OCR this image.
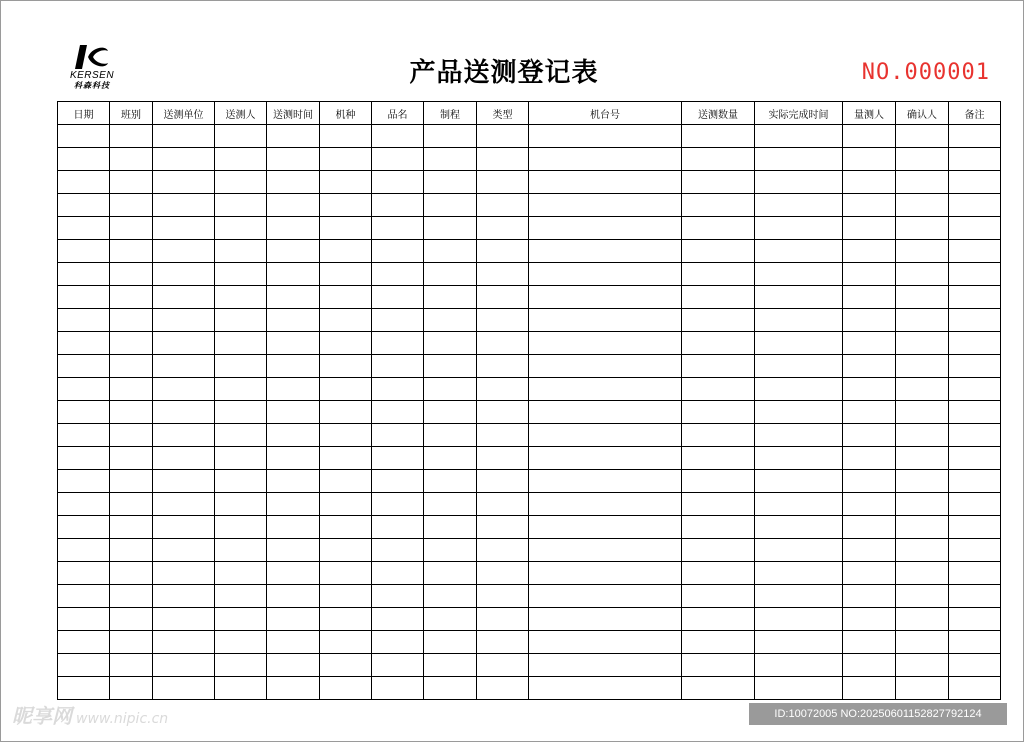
KERSEN
科森科技	产品送测登记表	NO.000001
日期	班别	送测单位	送测人	送测时间	机种	品名	制程	类型	机台号	送测数量	实际完成时间	量测人	确认人	备注

昵享网 www.nipic.cn	ID:10072005 NO:20250601152827792124
